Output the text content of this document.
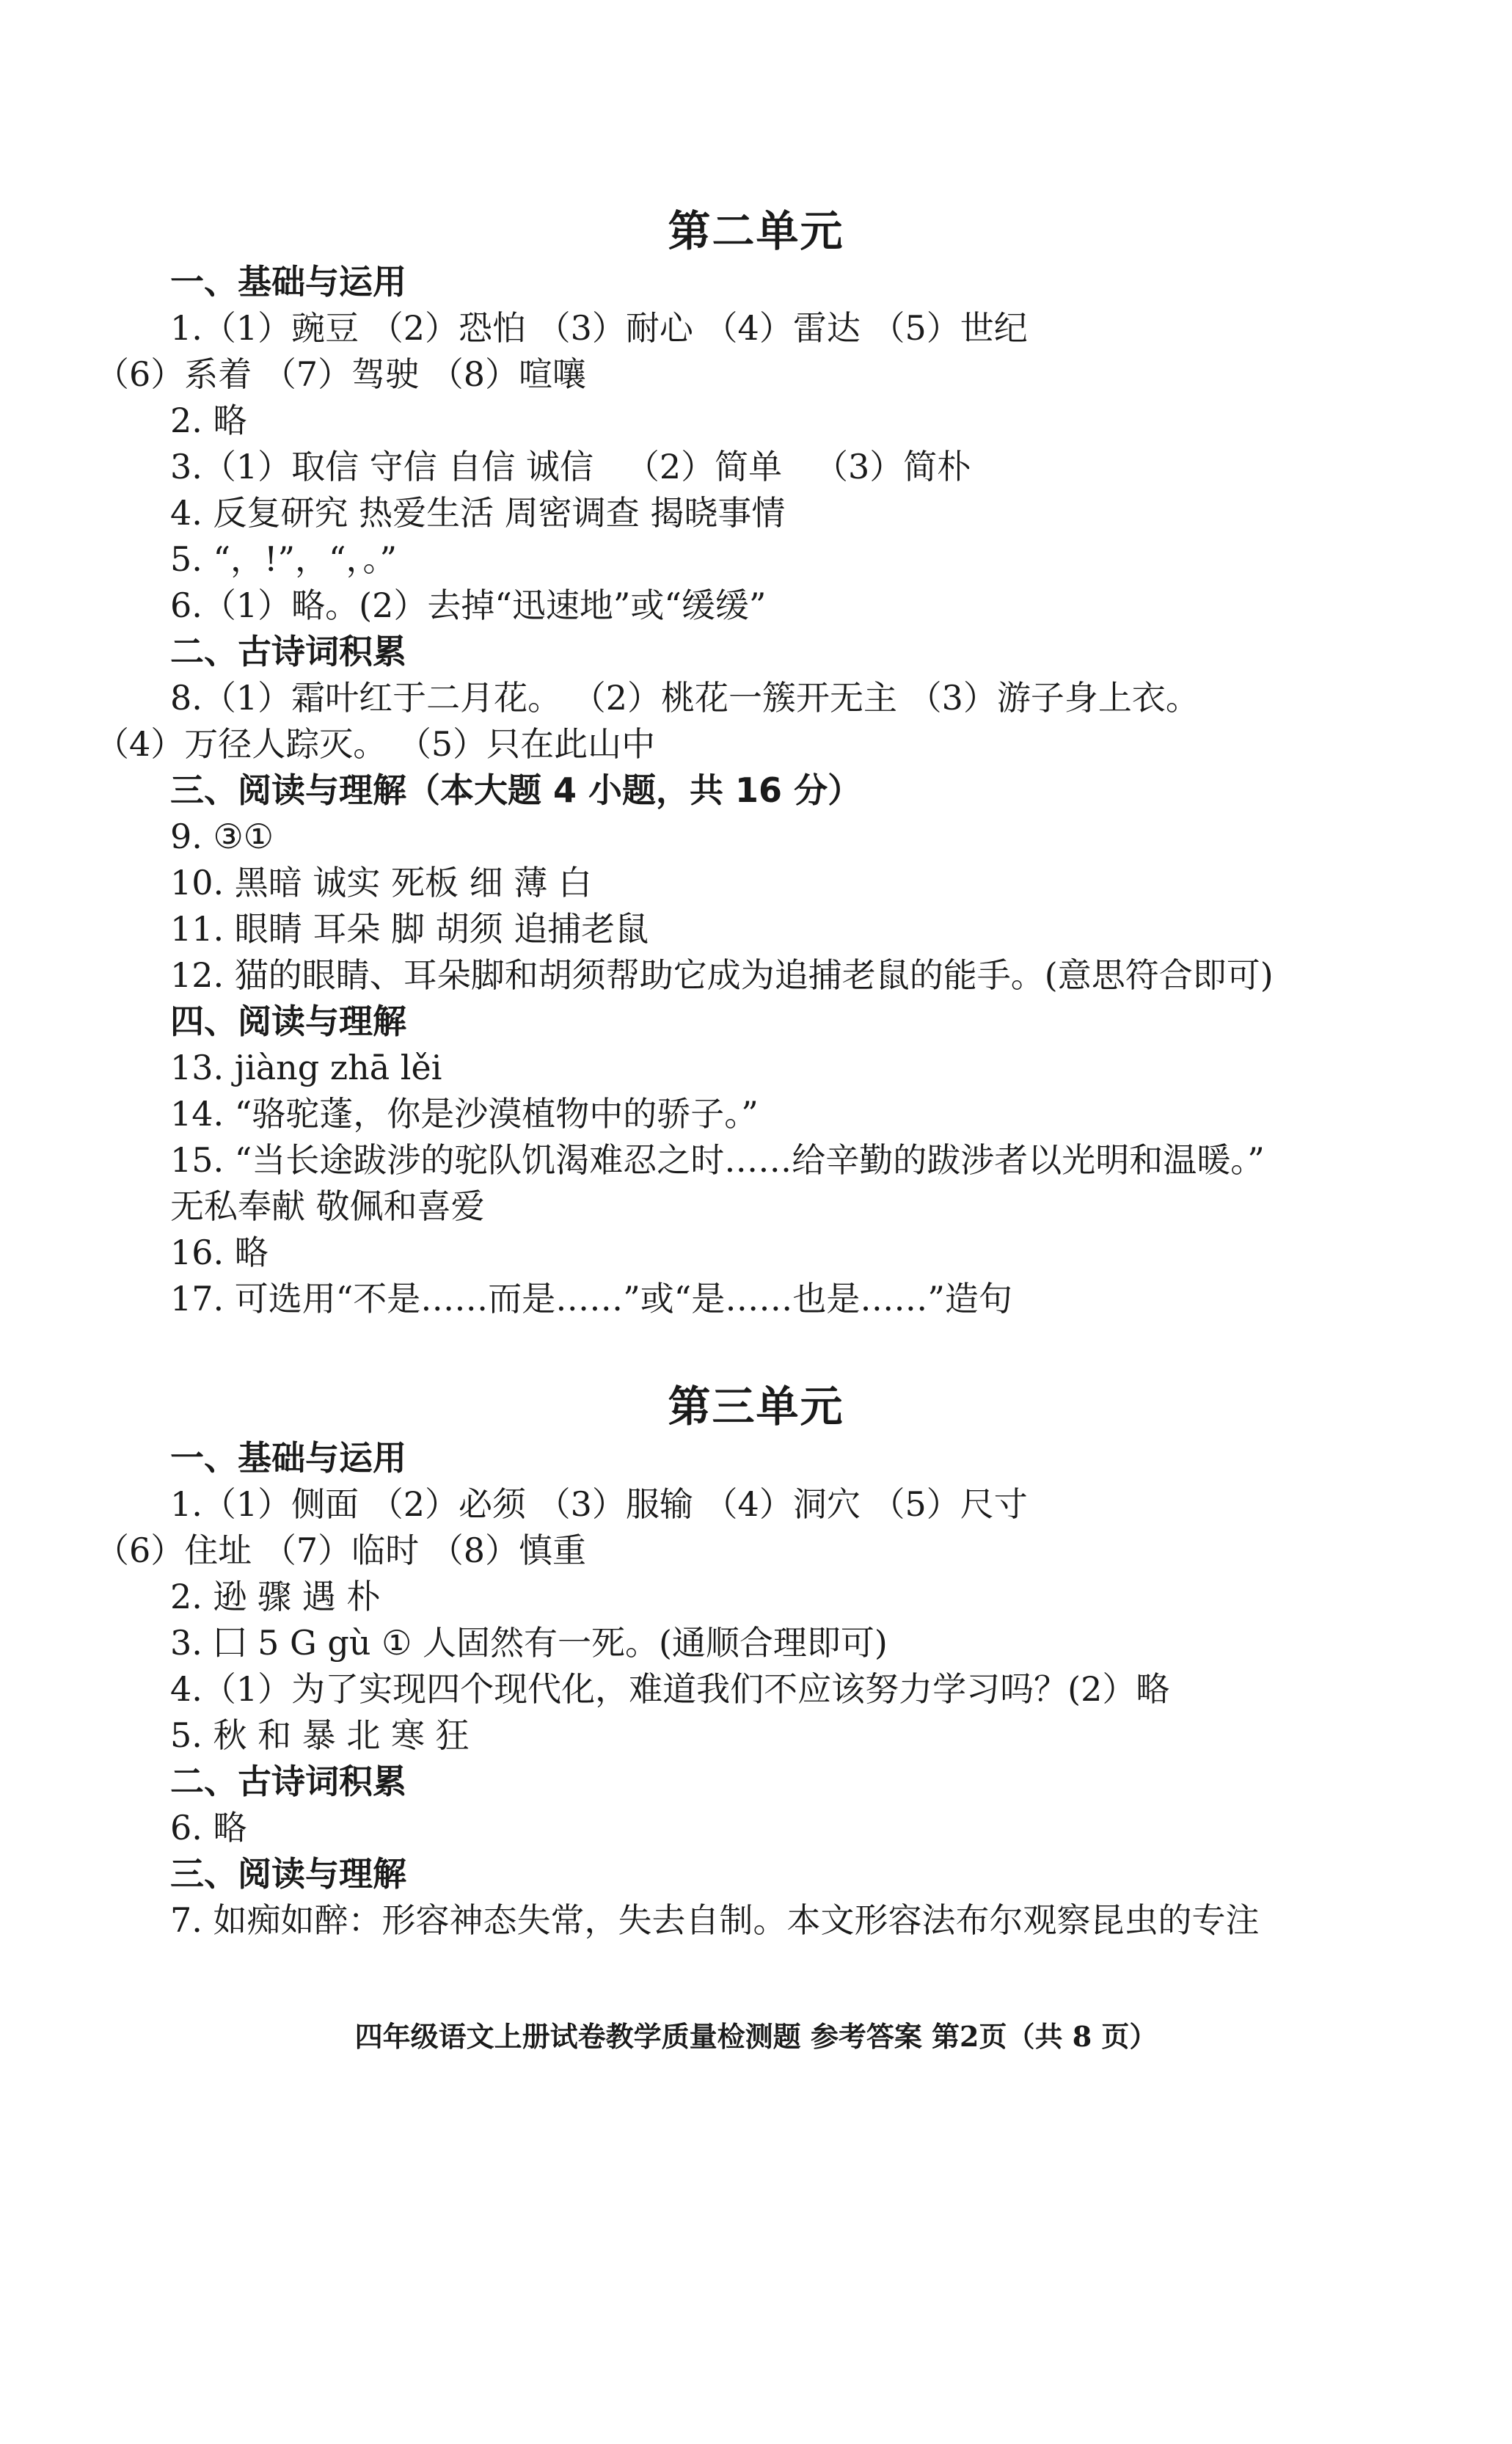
第二单元
一、基础与运用
1.（1）豌豆 （2）恐怕 （3）耐心 （4）雷达 （5）世纪
（6）系着 （7）驾驶 （8）喧嚷
2. 略
3.（1）取信 守信 自信 诚信   （2）简单   （3）简朴
4. 反复研究 热爱生活 周密调查 揭晓事情
5. “，!”，“，。”
6.（1）略。(2）去掉“迅速地”或“缓缓”
二、古诗词积累
8.（1）霜叶红于二月花。 （2）桃花一簇开无主 （3）游子身上衣。
（4）万径人踪灭。 （5）只在此山中
三、阅读与理解（本大题 4 小题，共 16 分）
9. ③①
10. 黑暗 诚实 死板 细 薄 白
11. 眼睛 耳朵 脚 胡须 追捕老鼠
12. 猫的眼睛、耳朵脚和胡须帮助它成为追捕老鼠的能手。(意思符合即可)
四、阅读与理解
13. jiàng zhā lěi
14. “骆驼蓬，你是沙漠植物中的骄子。”
15. “当长途跋涉的驼队饥渴难忍之时……给辛勤的跋涉者以光明和温暖。”
无私奉献 敬佩和喜爱
16. 略
17. 可选用“不是……而是……”或“是……也是……”造句
第三单元
一、基础与运用
1.（1）侧面 （2）必须 （3）服输 （4）洞穴 （5）尺寸
（6）住址 （7）临时 （8）慎重
2. 逊 骤 遇 朴
3. 囗 5 G gù ① 人固然有一死。(通顺合理即可)
4.（1）为了实现四个现代化，难道我们不应该努力学习吗？(2）略
5. 秋 和 暴 北 寒 狂
二、古诗词积累
6. 略
三、阅读与理解
7. 如痴如醉：形容神态失常，失去自制。本文形容法布尔观察昆虫的专注
四年级语文上册试卷教学质量检测题 参考答案 第2页（共 8 页）
